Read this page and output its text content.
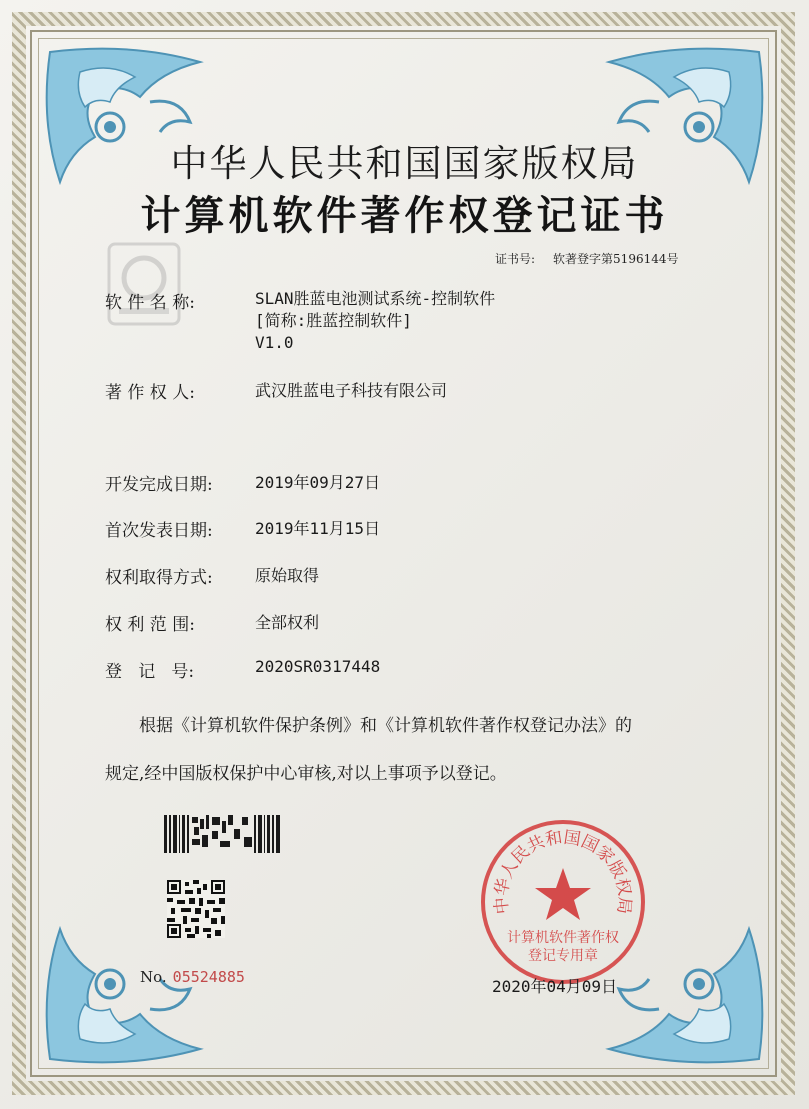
中华人民共和国国家版权局
计算机软件著作权登记证书
证书号: 软著登字第5196144号
软 件 名 称:	SLAN胜蓝电池测试系统-控制软件
[简称:胜蓝控制软件]
V1.0
著 作 权 人:	武汉胜蓝电子科技有限公司
开发完成日期:	2019年09月27日
首次发表日期:	2019年11月15日
权利取得方式:	原始取得
权 利 范 围:	全部权利
登   记   号:	2020SR0317448
根据《计算机软件保护条例》和《计算机软件著作权登记办法》的
规定,经中国版权保护中心审核,对以上事项予以登记。
No. 05524885
中华人民共和国国家版权局
计算机软件著作权
登记专用章
2020年04月09日
